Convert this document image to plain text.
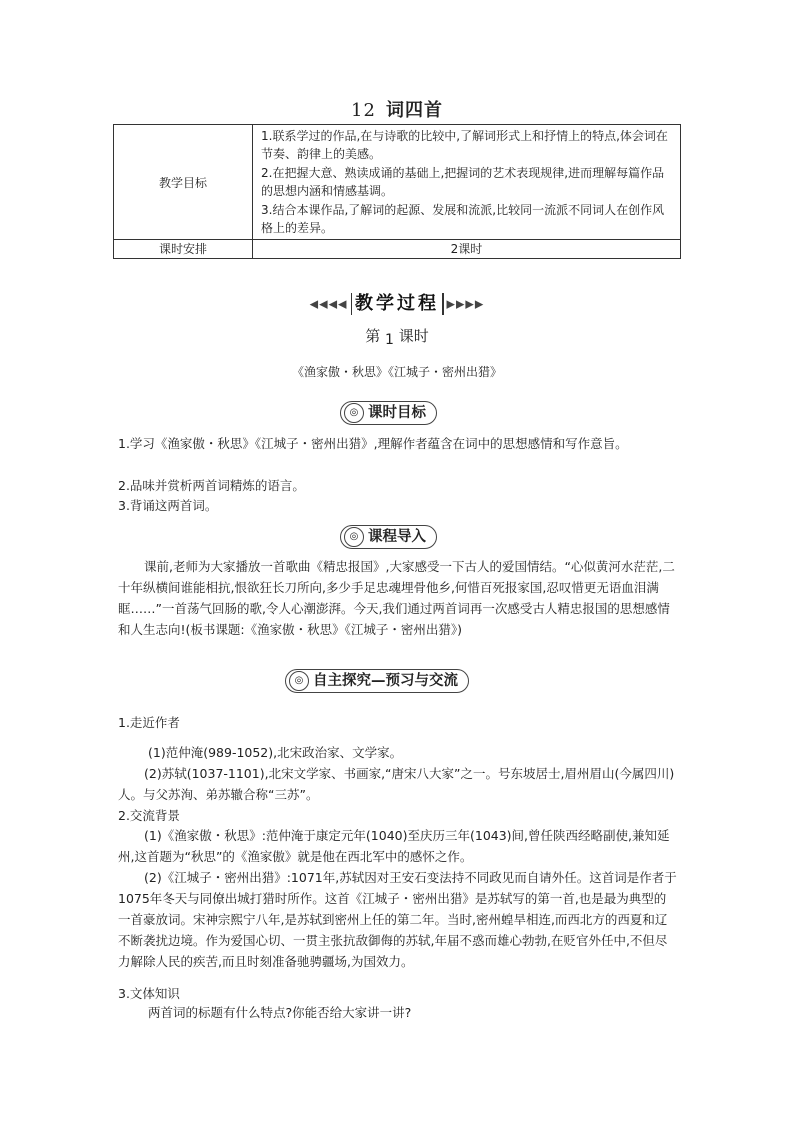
12 词四首
教学目标	1.联系学过的作品,在与诗歌的比较中,了解词形式上和抒情上的特点,体会词在节奏、韵律上的美感。
2.在把握大意、熟读成诵的基础上,把握词的艺术表现规律,进而理解每篇作品的思想内涵和情感基调。
3.结合本课作品,了解词的起源、发展和流派,比较同一流派不同词人在创作风格上的差异。

课时安排	2课时
◀◀◀◀ 教学过程 ▶▶▶▶
第 1 课时
《渔家傲・秋思》《江城子・密州出猎》
◎ 课时目标
1.学习《渔家傲・秋思》《江城子・密州出猎》,理解作者蕴含在词中的思想感情和写作意旨。
2.品味并赏析两首词精炼的语言。
3.背诵这两首词。
◎ 课程导入
课前,老师为大家播放一首歌曲《精忠报国》,大家感受一下古人的爱国情结。“心似黄河水茫茫,二十年纵横间谁能相抗,恨欲狂长刀所向,多少手足忠魂埋骨他乡,何惜百死报家国,忍叹惜更无语血泪满眶……”一首荡气回肠的歌,令人心潮澎湃。今天,我们通过两首词再一次感受古人精忠报国的思想感情和人生志向!(板书课题:《渔家傲・秋思》《江城子・密州出猎》)
◎ 自主探究—预习与交流
1.走近作者
(1)范仲淹(989-1052),北宋政治家、文学家。
(2)苏轼(1037-1101),北宋文学家、书画家,“唐宋八大家”之一。号东坡居士,眉州眉山(今属四川)人。与父苏洵、弟苏辙合称“三苏”。
2.交流背景
(1)《渔家傲・秋思》:范仲淹于康定元年(1040)至庆历三年(1043)间,曾任陕西经略副使,兼知延州,这首题为“秋思”的《渔家傲》就是他在西北军中的感怀之作。
(2)《江城子・密州出猎》:1071年,苏轼因对王安石变法持不同政见而自请外任。这首词是作者于1075年冬天与同僚出城打猎时所作。这首《江城子・密州出猎》是苏轼写的第一首,也是最为典型的一首豪放词。宋神宗熙宁八年,是苏轼到密州上任的第二年。当时,密州蝗旱相连,而西北方的西夏和辽不断袭扰边境。作为爱国心切、一贯主张抗敌御侮的苏轼,年届不惑而雄心勃勃,在贬官外任中,不但尽力解除人民的疾苦,而且时刻准备驰骋疆场,为国效力。
3.文体知识
两首词的标题有什么特点?你能否给大家讲一讲?
